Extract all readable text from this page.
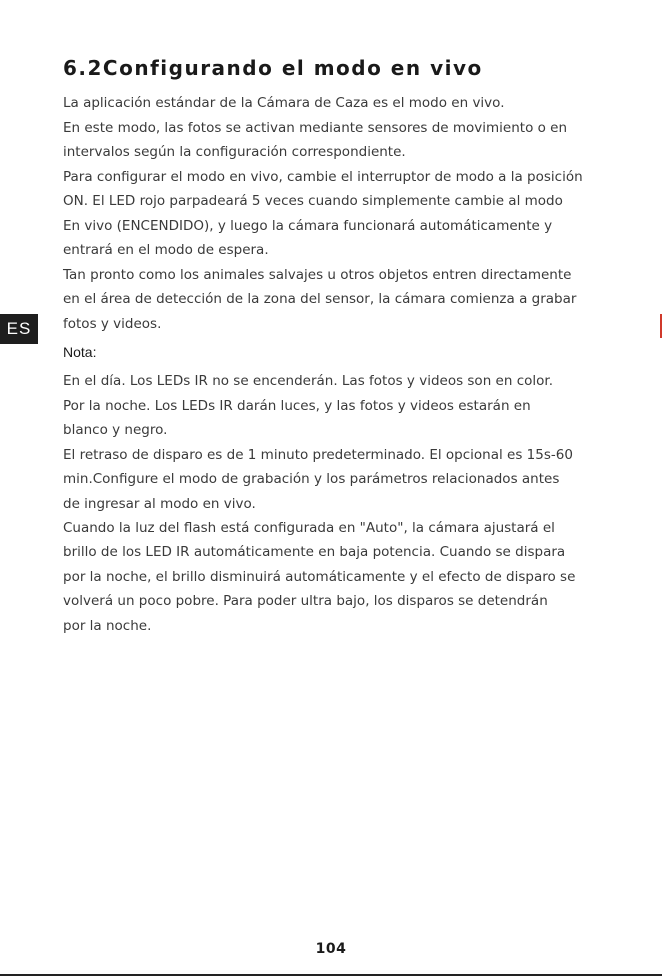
6.2Configurando el modo en vivo
ES

La aplicación estándar de la Cámara de Caza es el modo en vivo.

En este modo, las fotos se activan mediante sensores de movimiento o en
intervalos según la configuración correspondiente.

Para configurar el modo en vivo, cambie el interruptor de modo a la posición
ON. El LED rojo parpadeará 5 veces cuando simplemente cambie al modo
En vivo (ENCENDIDO), y luego la cámara funcionará automáticamente y
entrará en el modo de espera.

Tan pronto como los animales salvajes u otros objetos entren directamente
en el área de detección de la zona del sensor, la cámara comienza a grabar
fotos y videos.

Nota:

En el día. Los LEDs IR no se encenderán. Las fotos y videos son en color.

Por la noche. Los LEDs IR darán luces, y las fotos y videos estarán en
blanco y negro.

El retraso de disparo es de 1 minuto predeterminado. El opcional es 15s-60
min.Configure el modo de grabación y los parámetros relacionados antes
de ingresar al modo en vivo.

Cuando la luz del flash está configurada en "Auto", la cámara ajustará el
brillo de los LED IR automáticamente en baja potencia. Cuando se dispara
por la noche, el brillo disminuirá automáticamente y el efecto de disparo se
volverá un poco pobre. Para poder ultra bajo, los disparos se detendrán
por la noche.

104
